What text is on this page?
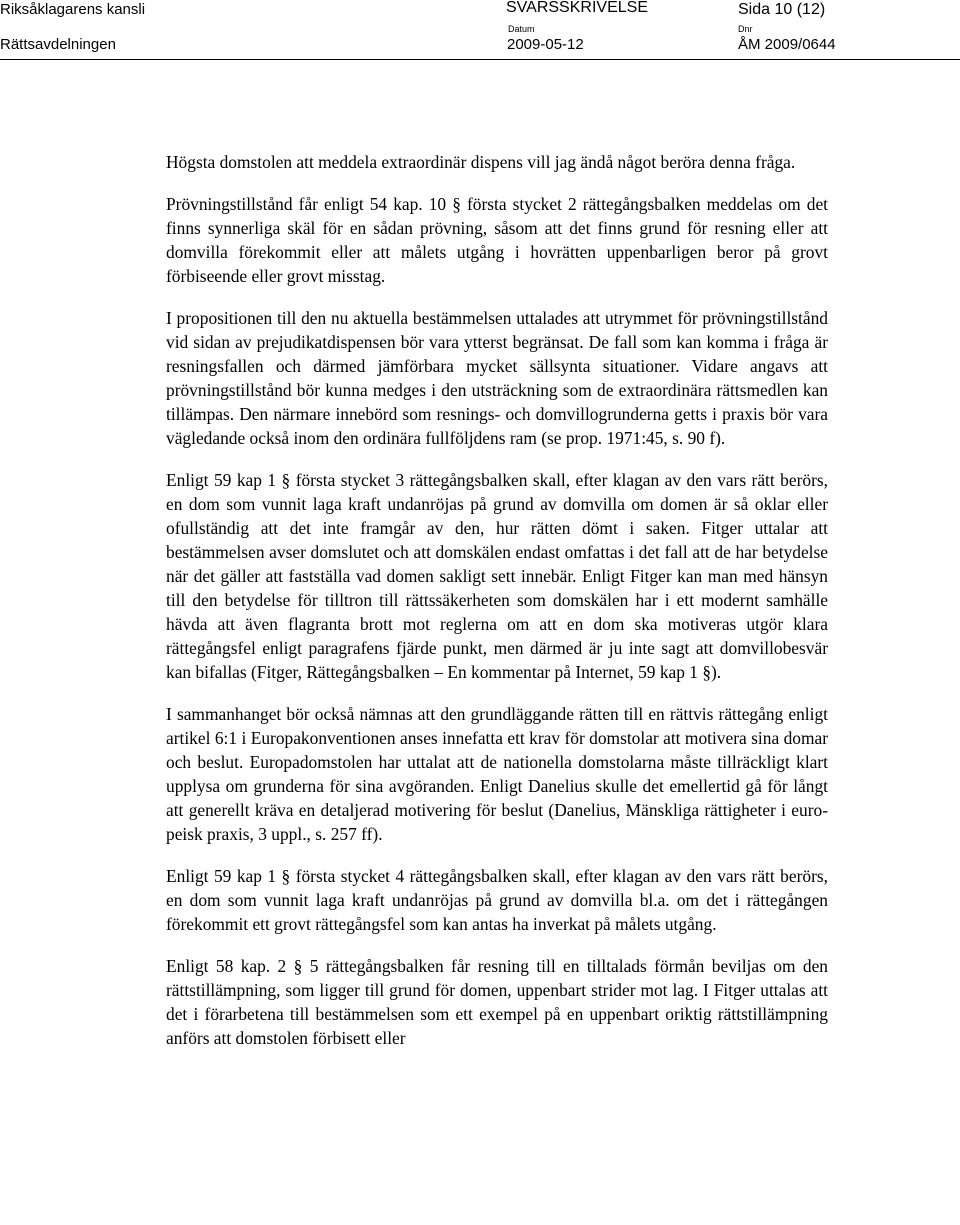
Riksåklagarens kansli
Rättsavdelningen
SVARSSKRIVELSE	Sida 10 (12)
Datum	Dnr
2009-05-12	ÅM 2009/0644

Högsta domstolen att meddela extraordinär dispens vill jag ändå något beröra denna fråga.

Prövningstillstånd får enligt 54 kap. 10 § första stycket 2 rättegångsbalken meddelas om det finns synnerliga skäl för en sådan prövning, såsom att det finns grund för resning eller att domvilla förekommit eller att målets utgång i hovrätten uppenbarligen beror på grovt förbiseende eller grovt misstag.

I propositionen till den nu aktuella bestämmelsen uttalades att utrymmet för prövningstillstånd vid sidan av prejudikatdispensen bör vara ytterst begränsat. De fall som kan komma i fråga är resningsfallen och därmed jämförbara mycket sällsynta situationer. Vidare angavs att prövningstillstånd bör kunna medges i den utsträckning som de extraordinära rättsmedlen kan tillämpas. Den närmare innebörd som resnings- och domvillogrunderna getts i praxis bör vara vägledande också inom den ordinära fullföljdens ram (se prop. 1971:45, s. 90 f).

Enligt 59 kap 1 § första stycket 3 rättegångsbalken skall, efter klagan av den vars rätt berörs, en dom som vunnit laga kraft undanröjas på grund av domvilla om domen är så oklar eller ofullständig att det inte framgår av den, hur rätten dömt i saken. Fitger uttalar att bestämmelsen avser domslutet och att domskälen endast omfattas i det fall att de har betydelse när det gäller att fastställa vad domen sakligt sett innebär. Enligt Fitger kan man med hänsyn till den betydelse för tilltron till rättssäkerheten som domskälen har i ett modernt samhälle hävda att även flagranta brott mot reglerna om att en dom ska motiveras utgör klara rättegångsfel enligt paragrafens fjärde punkt, men därmed är ju inte sagt att domvillobesvär kan bifallas (Fitger, Rättegångsbalken – En kommentar på Internet, 59 kap 1 §).

I sammanhanget bör också nämnas att den grundläggande rätten till en rättvis rättegång enligt artikel 6:1 i Europakonventionen anses innefatta ett krav för domstolar att motivera sina domar och beslut. Europadomstolen har uttalat att de nationella domstolarna måste tillräckligt klart upplysa om grunderna för sina avgöranden. Enligt Danelius skulle det emellertid gå för långt att generellt kräva en detaljerad motivering för beslut (Danelius, Mänskliga rättigheter i europeisk praxis, 3 uppl., s. 257 ff).

Enligt 59 kap 1 § första stycket 4 rättegångsbalken skall, efter klagan av den vars rätt berörs, en dom som vunnit laga kraft undanröjas på grund av domvilla bl.a. om det i rättegången förekommit ett grovt rättegångsfel som kan antas ha inverkat på målets utgång.

Enligt 58 kap. 2 § 5 rättegångsbalken får resning till en tilltalads förmån beviljas om den rättstillämpning, som ligger till grund för domen, uppenbart strider mot lag. I Fitger uttalas att det i förarbetena till bestämmelsen som ett exempel på en uppenbart oriktig rättstillämpning anförs att domstolen förbisett eller
